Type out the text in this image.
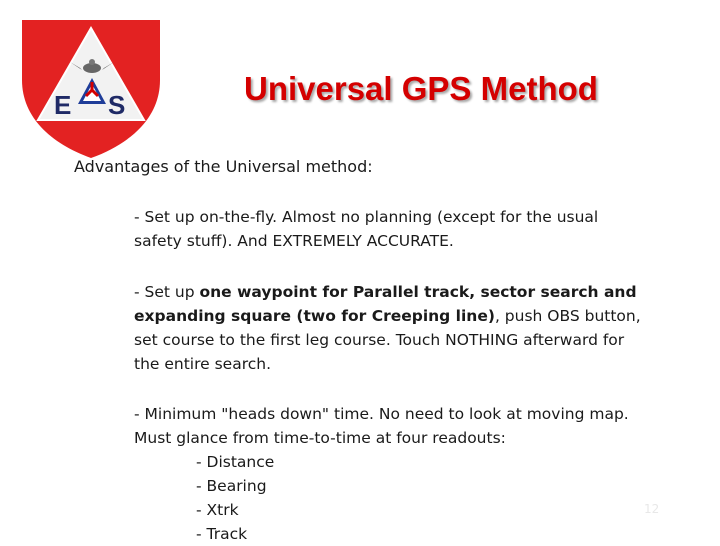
E S	Universal GPS Method
Advantages of the Universal method:
- Set up on-the-fly. Almost no planning (except for the usual safety stuff). And EXTREMELY ACCURATE.
- Set up one waypoint for Parallel track, sector search and expanding square (two for Creeping line), push OBS button, set course to the first leg course. Touch NOTHING afterward for the entire search.
- Minimum "heads down" time. No need to look at moving map. Must glance from time-to-time at four readouts:
- Distance
- Bearing
- Xtrk
- Track
12
